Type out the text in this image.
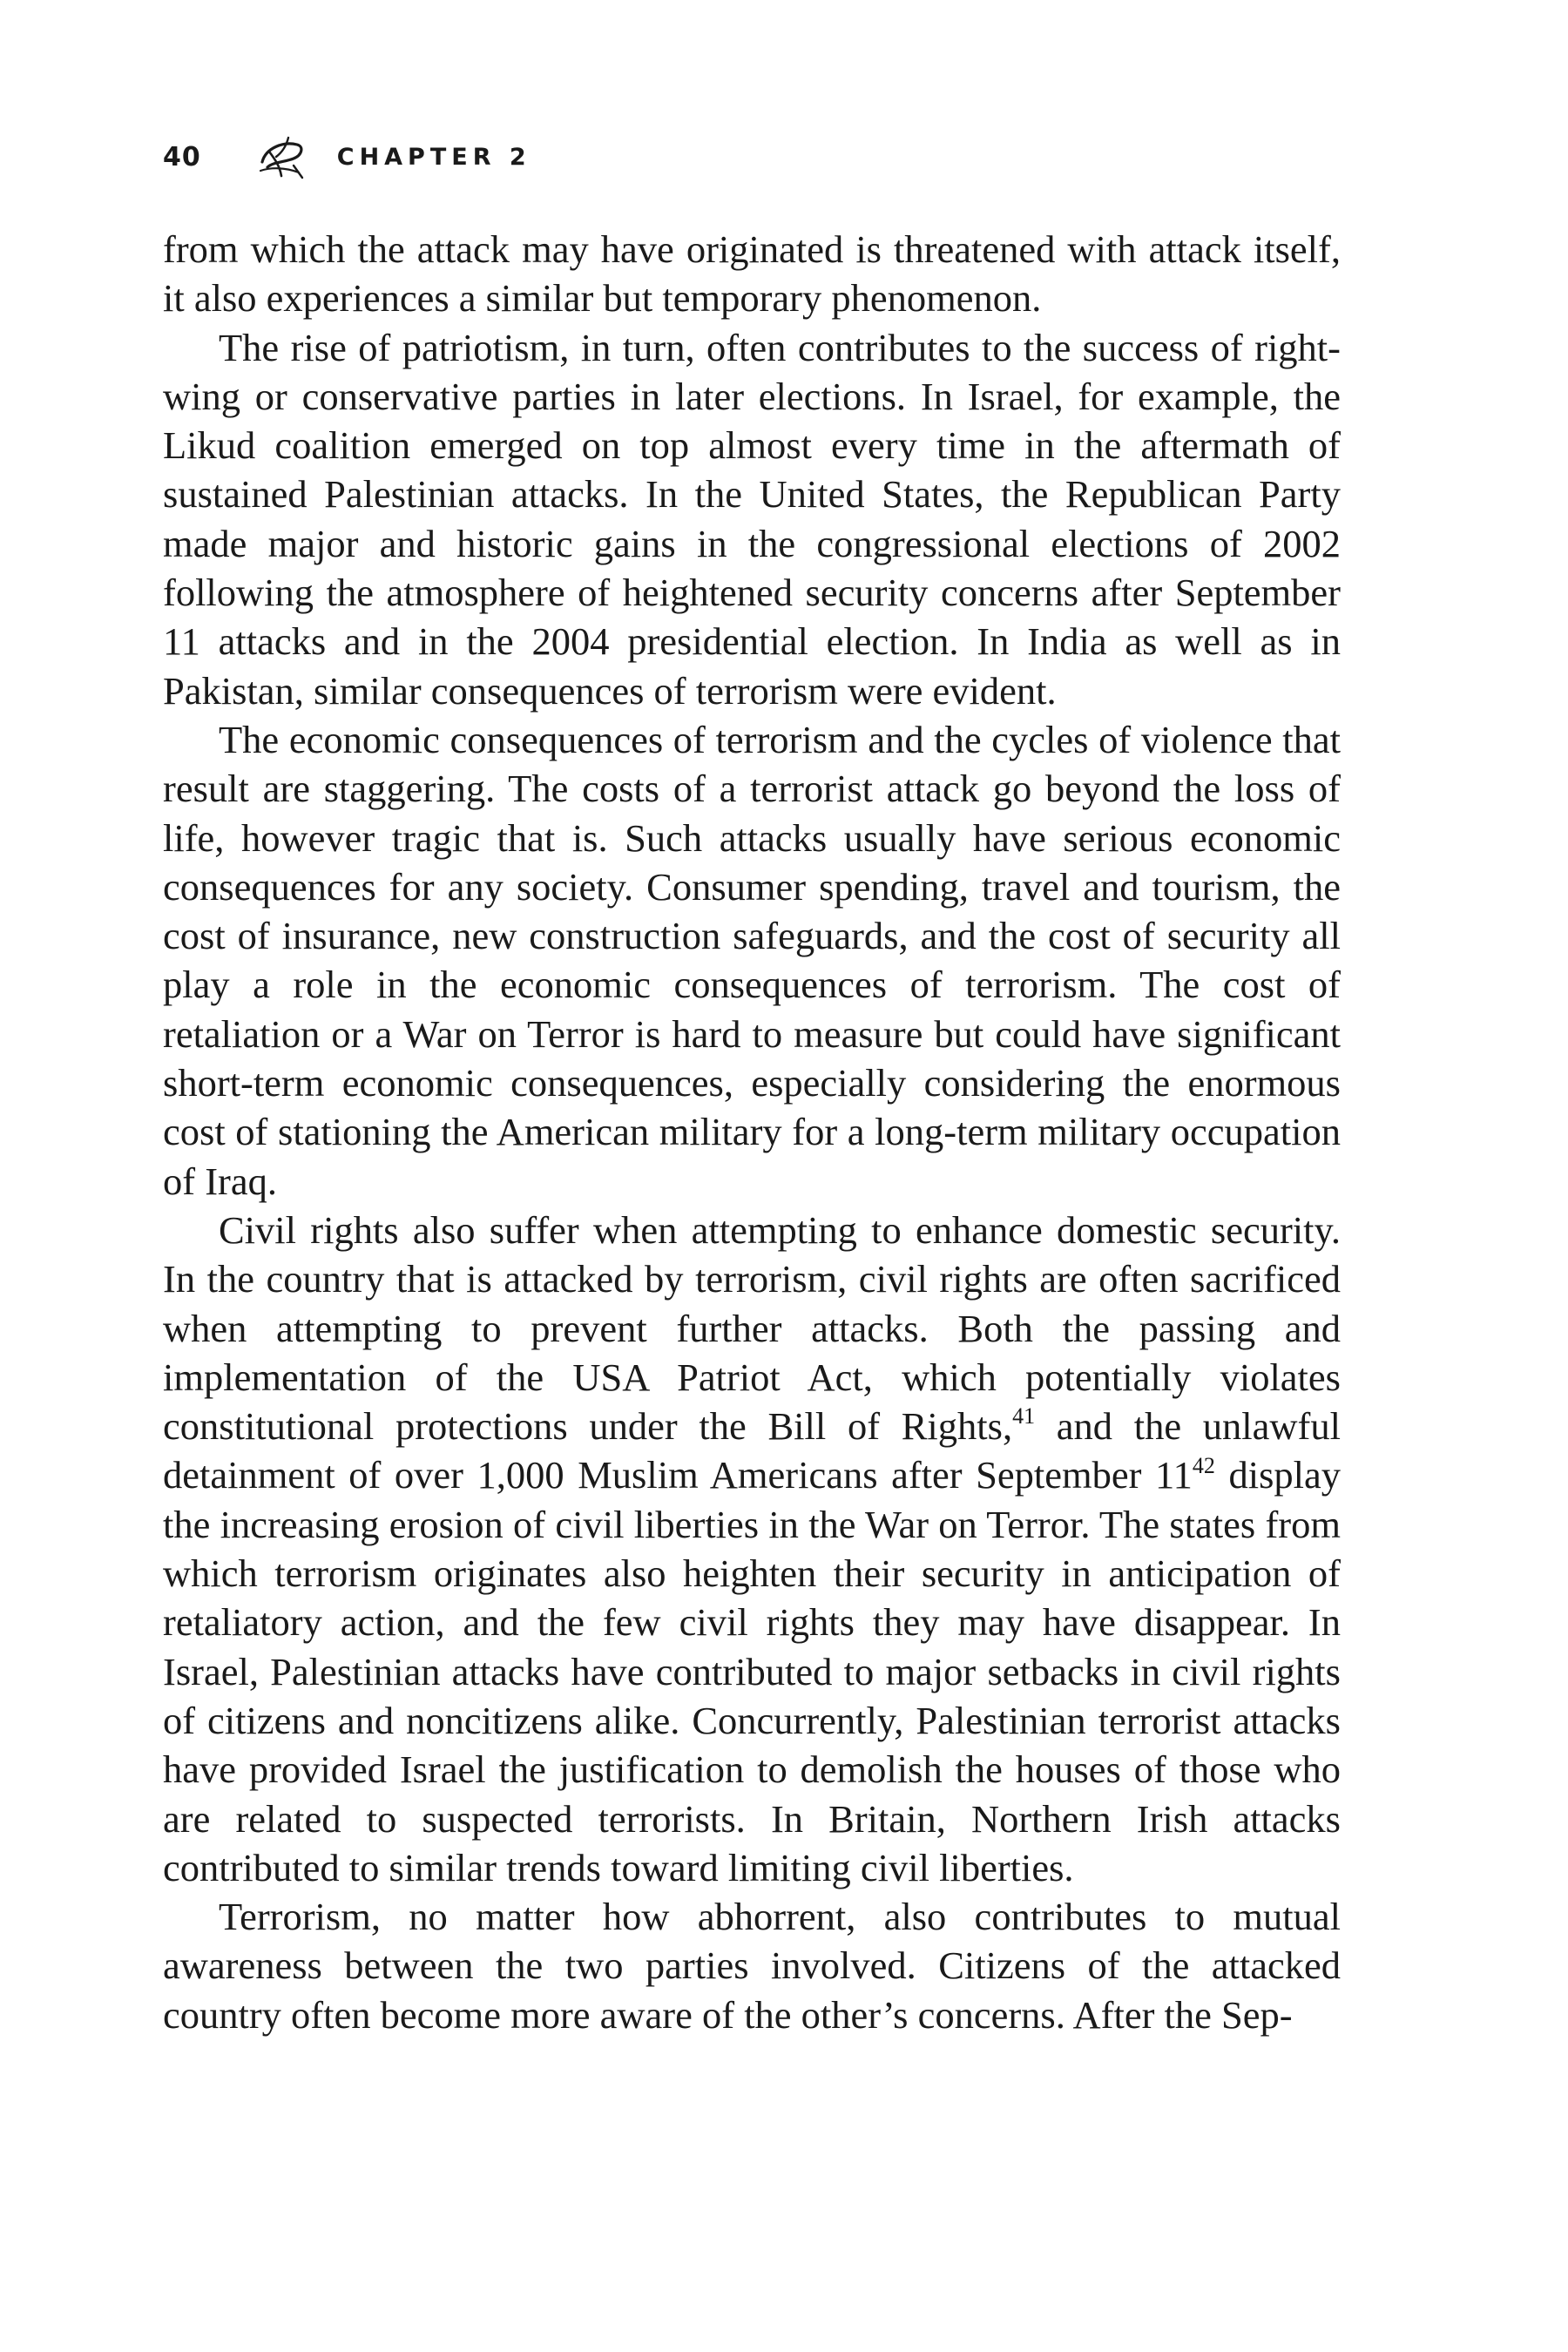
40	CHAPTER 2

from which the attack may have originated is threatened with attack itself, it also experiences a similar but temporary phenomenon.

The rise of patriotism, in turn, often contributes to the success of right-wing or conservative parties in later elections. In Israel, for example, the Likud coalition emerged on top almost every time in the aftermath of sustained Palestinian attacks. In the United States, the Republican Party made major and historic gains in the congressional elections of 2002 following the atmosphere of heightened security concerns after September 11 attacks and in the 2004 presidential election. In India as well as in Pakistan, similar consequences of terrorism were evident.

The economic consequences of terrorism and the cycles of violence that result are staggering. The costs of a terrorist attack go beyond the loss of life, however tragic that is. Such attacks usually have serious economic consequences for any society. Consumer spending, travel and tourism, the cost of insurance, new construction safeguards, and the cost of security all play a role in the economic consequences of terrorism. The cost of retaliation or a War on Terror is hard to measure but could have significant short-term economic consequences, especially considering the enormous cost of stationing the American military for a long-term military occupation of Iraq.

Civil rights also suffer when attempting to enhance domestic security. In the country that is attacked by terrorism, civil rights are often sacrificed when attempting to prevent further attacks. Both the passing and implementation of the USA Patriot Act, which potentially violates constitutional protections under the Bill of Rights,$^{41}$ and the unlawful detainment of over 1,000 Muslim Americans after September 11$^{42}$ display the increasing erosion of civil liberties in the War on Terror. The states from which terrorism originates also heighten their security in anticipation of retaliatory action, and the few civil rights they may have disappear. In Israel, Palestinian attacks have contributed to major setbacks in civil rights of citizens and noncitizens alike. Concurrently, Palestinian terrorist attacks have provided Israel the justification to demolish the houses of those who are related to suspected terrorists. In Britain, Northern Irish attacks contributed to similar trends toward limiting civil liberties.

Terrorism, no matter how abhorrent, also contributes to mutual awareness between the two parties involved. Citizens of the attacked country often become more aware of the other’s concerns. After the Sep-
